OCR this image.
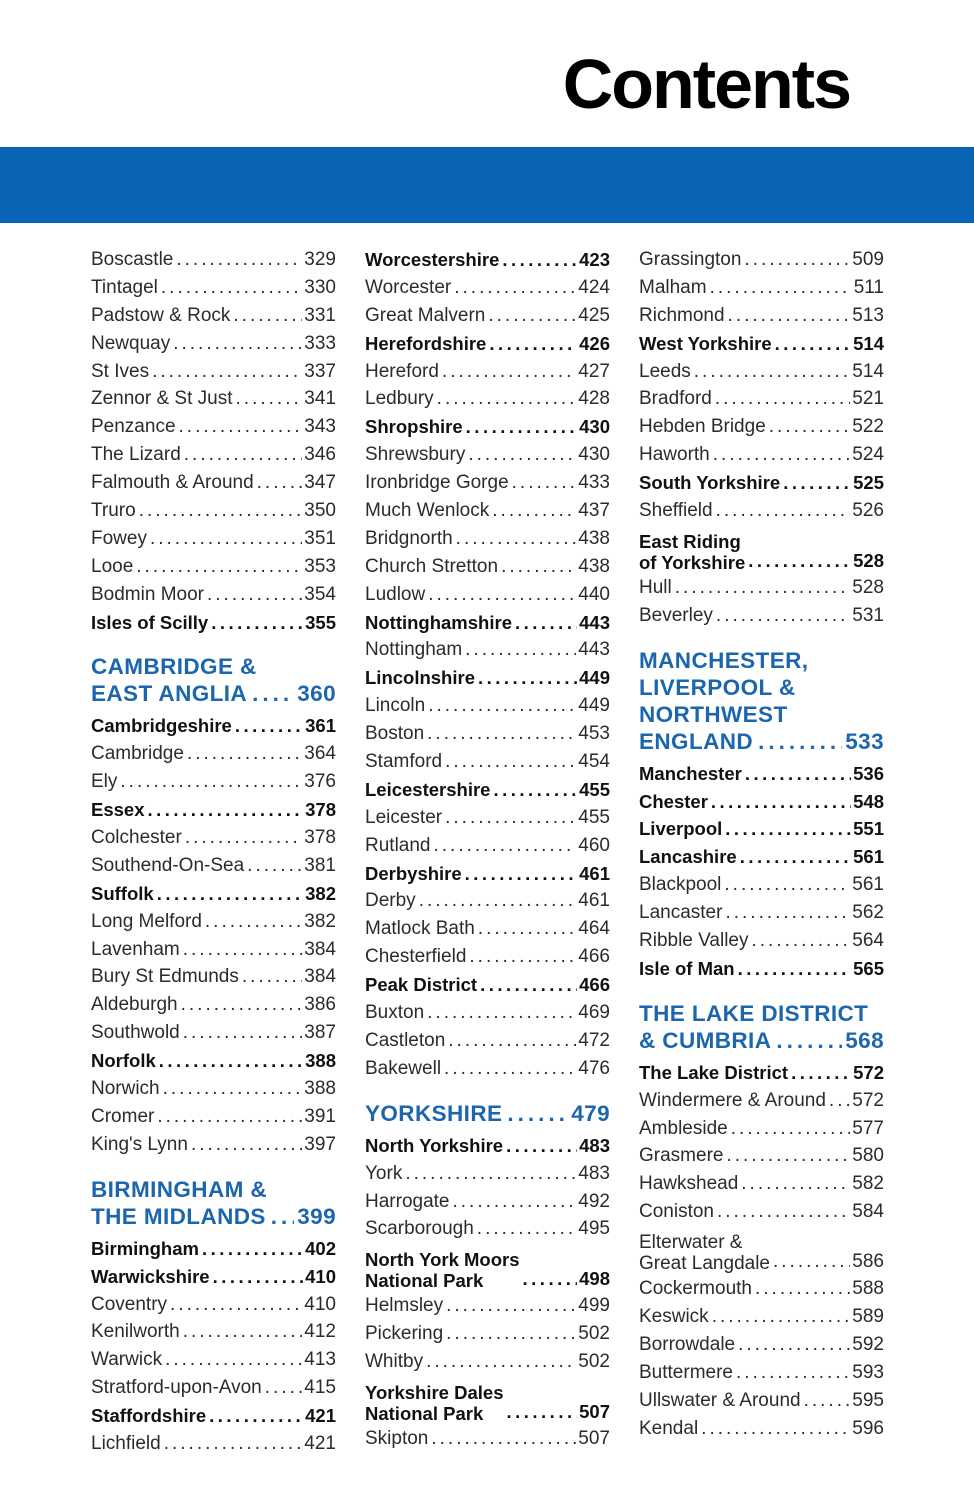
Contents
Boscastle .....	329
Tintagel .....	330
Padstow & Rock .....	331
Newquay .....	333
St Ives .....	337
Zennor & St Just .....	341
Penzance .....	343
The Lizard .....	346
Falmouth & Around .....	347
Truro .....	350
Fowey .....	351
Looe .....	353
Bodmin Moor .....	354
Isles of Scilly .....	355
CAMBRIDGE &
EAST ANGLIA ..... 360
Cambridgeshire .....	361
Cambridge .....	364
Ely .....	376
Essex .....	378
Colchester .....	378
Southend-On-Sea .....	381
Suffolk .....	382
Long Melford .....	382
Lavenham .....	384
Bury St Edmunds .....	384
Aldeburgh .....	386
Southwold .....	387
Norfolk .....	388
Norwich .....	388
Cromer .....	391
King's Lynn .....	397
BIRMINGHAM &
THE MIDLANDS ..... 399
Birmingham .....	402
Warwickshire .....	410
Coventry .....	410
Kenilworth .....	412
Warwick .....	413
Stratford-upon-Avon ..... 415
Staffordshire .....	421
Lichfield .....	421
Worcestershire .....	423
Worcester .....	424
Great Malvern .....	425
Herefordshire .....	426
Hereford .....	427
Ledbury .....	428
Shropshire .....	430
Shrewsbury .....	430
Ironbridge Gorge .....	433
Much Wenlock .....	437
Bridgnorth .....	438
Church Stretton .....	438
Ludlow .....	440
Nottinghamshire .....	443
Nottingham .....	443
Lincolnshire .....	449
Lincoln .....	449
Boston .....	453
Stamford .....	454
Leicestershire .....	455
Leicester .....	455
Rutland .....	460
Derbyshire .....	461
Derby .....	461
Matlock Bath .....	464
Chesterfield .....	466
Peak District .....	466
Buxton .....	469
Castleton .....	472
Bakewell .....	476
YORKSHIRE .....	479
North Yorkshire .....	483
York .....	483
Harrogate .....	492
Scarborough .....	495
North York Moors
National Park .....	498
Helmsley .....	499
Pickering .....	502
Whitby .....	502
Yorkshire Dales
National Park .....	507
Skipton .....	507
Grassington .....	509
Malham .....	511
Richmond .....	513
West Yorkshire .....	514
Leeds .....	514
Bradford .....	521
Hebden Bridge .....	522
Haworth .....	524
South Yorkshire .....	525
Sheffield .....	526
East Riding
of Yorkshire .....	528
Hull .....	528
Beverley .....	531
MANCHESTER,
LIVERPOOL &
NORTHWEST
ENGLAND .....	533
Manchester .....	536
Chester .....	548
Liverpool .....	551
Lancashire .....	561
Blackpool .....	561
Lancaster .....	562
Ribble Valley .....	564
Isle of Man .....	565
THE LAKE DISTRICT
& CUMBRIA .....	568
The Lake District .....	572
Windermere & Around ..... 572
Ambleside .....	577
Grasmere .....	580
Hawkshead .....	582
Coniston .....	584
Elterwater &
Great Langdale .....	586
Cockermouth .....	588
Keswick .....	589
Borrowdale .....	592
Buttermere .....	593
Ullswater & Around .....	595
Kendal .....	596
